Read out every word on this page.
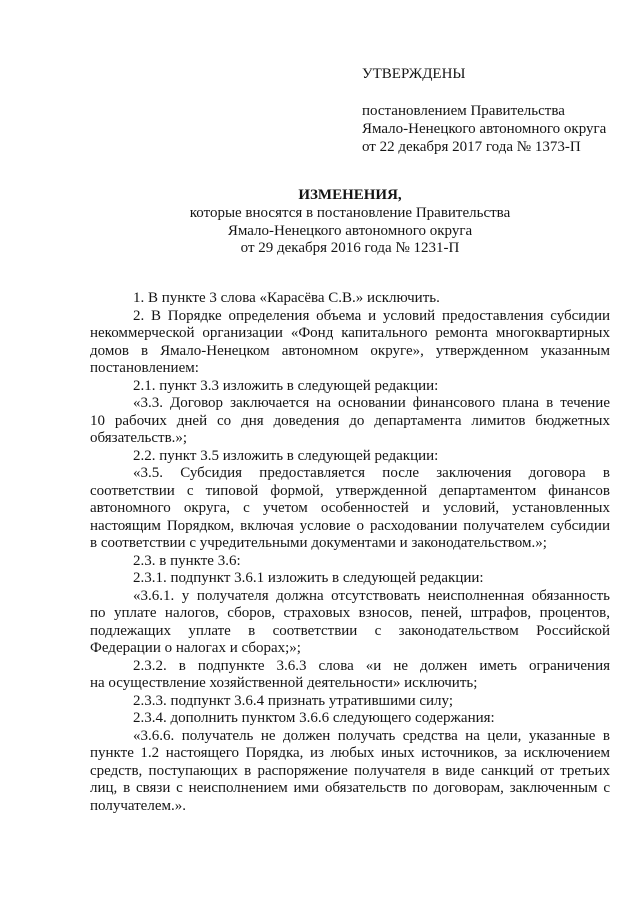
УТВЕРЖДЕНЫ
постановлением Правительства
Ямало-Ненецкого автономного округа
от 22 декабря 2017 года № 1373-П
ИЗМЕНЕНИЯ,
которые вносятся в постановление Правительства
Ямало-Ненецкого автономного округа
от 29 декабря 2016 года № 1231-П
1. В пункте 3 слова «Карасёва С.В.» исключить.
2. В Порядке определения объема и условий предоставления субсидии
некоммерческой организации «Фонд капитального ремонта многоквартирных
домов в Ямало-Ненецком автономном округе», утвержденном указанным
постановлением:
2.1. пункт 3.3 изложить в следующей редакции:
«3.3. Договор заключается на основании финансового плана в течение
10 рабочих дней со дня доведения до департамента лимитов бюджетных
обязательств.»;
2.2. пункт 3.5 изложить в следующей редакции:
«3.5. Субсидия предоставляется после заключения договора в
соответствии с типовой формой, утвержденной департаментом финансов
автономного округа, с учетом особенностей и условий, установленных
настоящим Порядком, включая условие о расходовании получателем субсидии
в соответствии с учредительными документами и законодательством.»;
2.3. в пункте 3.6:
2.3.1. подпункт 3.6.1 изложить в следующей редакции:
«3.6.1. у получателя должна отсутствовать неисполненная обязанность
по уплате налогов, сборов, страховых взносов, пеней, штрафов, процентов,
подлежащих уплате в соответствии с законодательством Российской
Федерации о налогах и сборах;»;
2.3.2. в подпункте 3.6.3 слова «и не должен иметь ограничения
на осуществление хозяйственной деятельности» исключить;
2.3.3. подпункт 3.6.4 признать утратившими силу;
2.3.4. дополнить пунктом 3.6.6 следующего содержания:
«3.6.6. получатель не должен получать средства на цели, указанные в
пункте 1.2 настоящего Порядка, из любых иных источников, за исключением
средств, поступающих в распоряжение получателя в виде санкций от третьих
лиц, в связи с неисполнением ими обязательств по договорам, заключенным с
получателем.».
